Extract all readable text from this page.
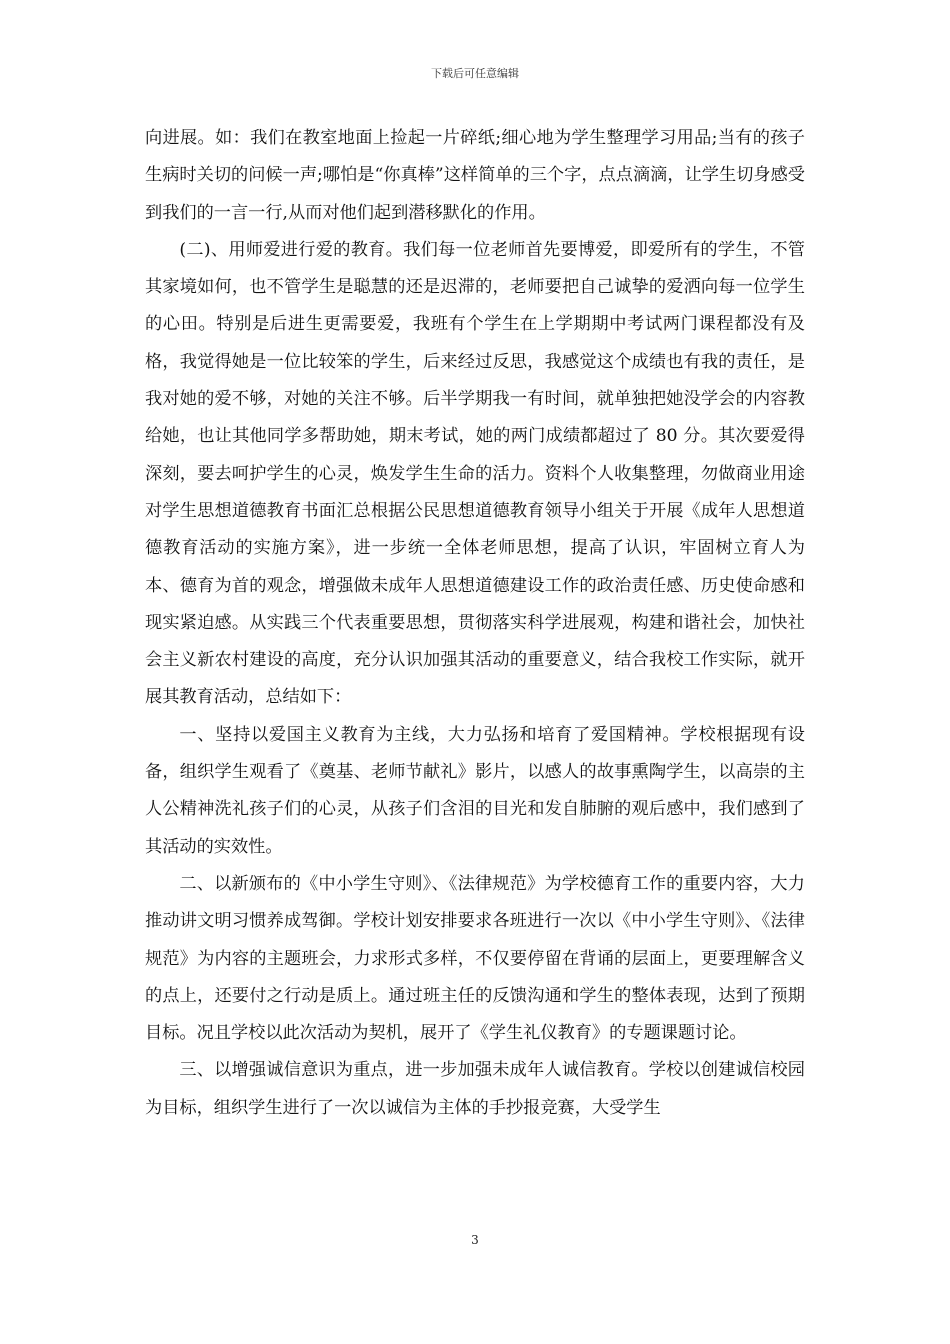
下载后可任意编辑

向进展。如：我们在教室地面上捡起一片碎纸;细心地为学生整理学习用品;当有的孩子生病时关切的问候一声;哪怕是“你真棒”这样简单的三个字，点点滴滴，让学生切身感受到我们的一言一行,从而对他们起到潜移默化的作用。

(二)、用师爱进行爱的教育。我们每一位老师首先要博爱，即爱所有的学生，不管其家境如何，也不管学生是聪慧的还是迟滞的，老师要把自己诚挚的爱洒向每一位学生的心田。特别是后进生更需要爱，我班有个学生在上学期期中考试两门课程都没有及格，我觉得她是一位比较笨的学生，后来经过反思，我感觉这个成绩也有我的责任，是我对她的爱不够，对她的关注不够。后半学期我一有时间，就单独把她没学会的内容教给她，也让其他同学多帮助她，期末考试，她的两门成绩都超过了 80 分。其次要爱得深刻，要去呵护学生的心灵，焕发学生生命的活力。资料个人收集整理，勿做商业用途对学生思想道德教育书面汇总根据公民思想道德教育领导小组关于开展《成年人思想道德教育活动的实施方案》，进一步统一全体老师思想，提高了认识，牢固树立育人为本、德育为首的观念，增强做未成年人思想道德建设工作的政治责任感、历史使命感和现实紧迫感。从实践三个代表重要思想，贯彻落实科学进展观，构建和谐社会，加快社会主义新农村建设的高度，充分认识加强其活动的重要意义，结合我校工作实际，就开展其教育活动，总结如下：

一、坚持以爱国主义教育为主线，大力弘扬和培育了爱国精神。学校根据现有设备，组织学生观看了《奠基、老师节献礼》影片，以感人的故事熏陶学生，以高崇的主人公精神洗礼孩子们的心灵，从孩子们含泪的目光和发自肺腑的观后感中，我们感到了其活动的实效性。

二、以新颁布的《中小学生守则》、《法律规范》为学校德育工作的重要内容，大力推动讲文明习惯养成驾御。学校计划安排要求各班进行一次以《中小学生守则》、《法律规范》为内容的主题班会，力求形式多样，不仅要停留在背诵的层面上，更要理解含义的点上，还要付之行动是质上。通过班主任的反馈沟通和学生的整体表现，达到了预期目标。况且学校以此次活动为契机，展开了《学生礼仪教育》的专题课题讨论。

三、以增强诚信意识为重点，进一步加强未成年人诚信教育。学校以创建诚信校园为目标，组织学生进行了一次以诚信为主体的手抄报竞赛，大受学生

3
